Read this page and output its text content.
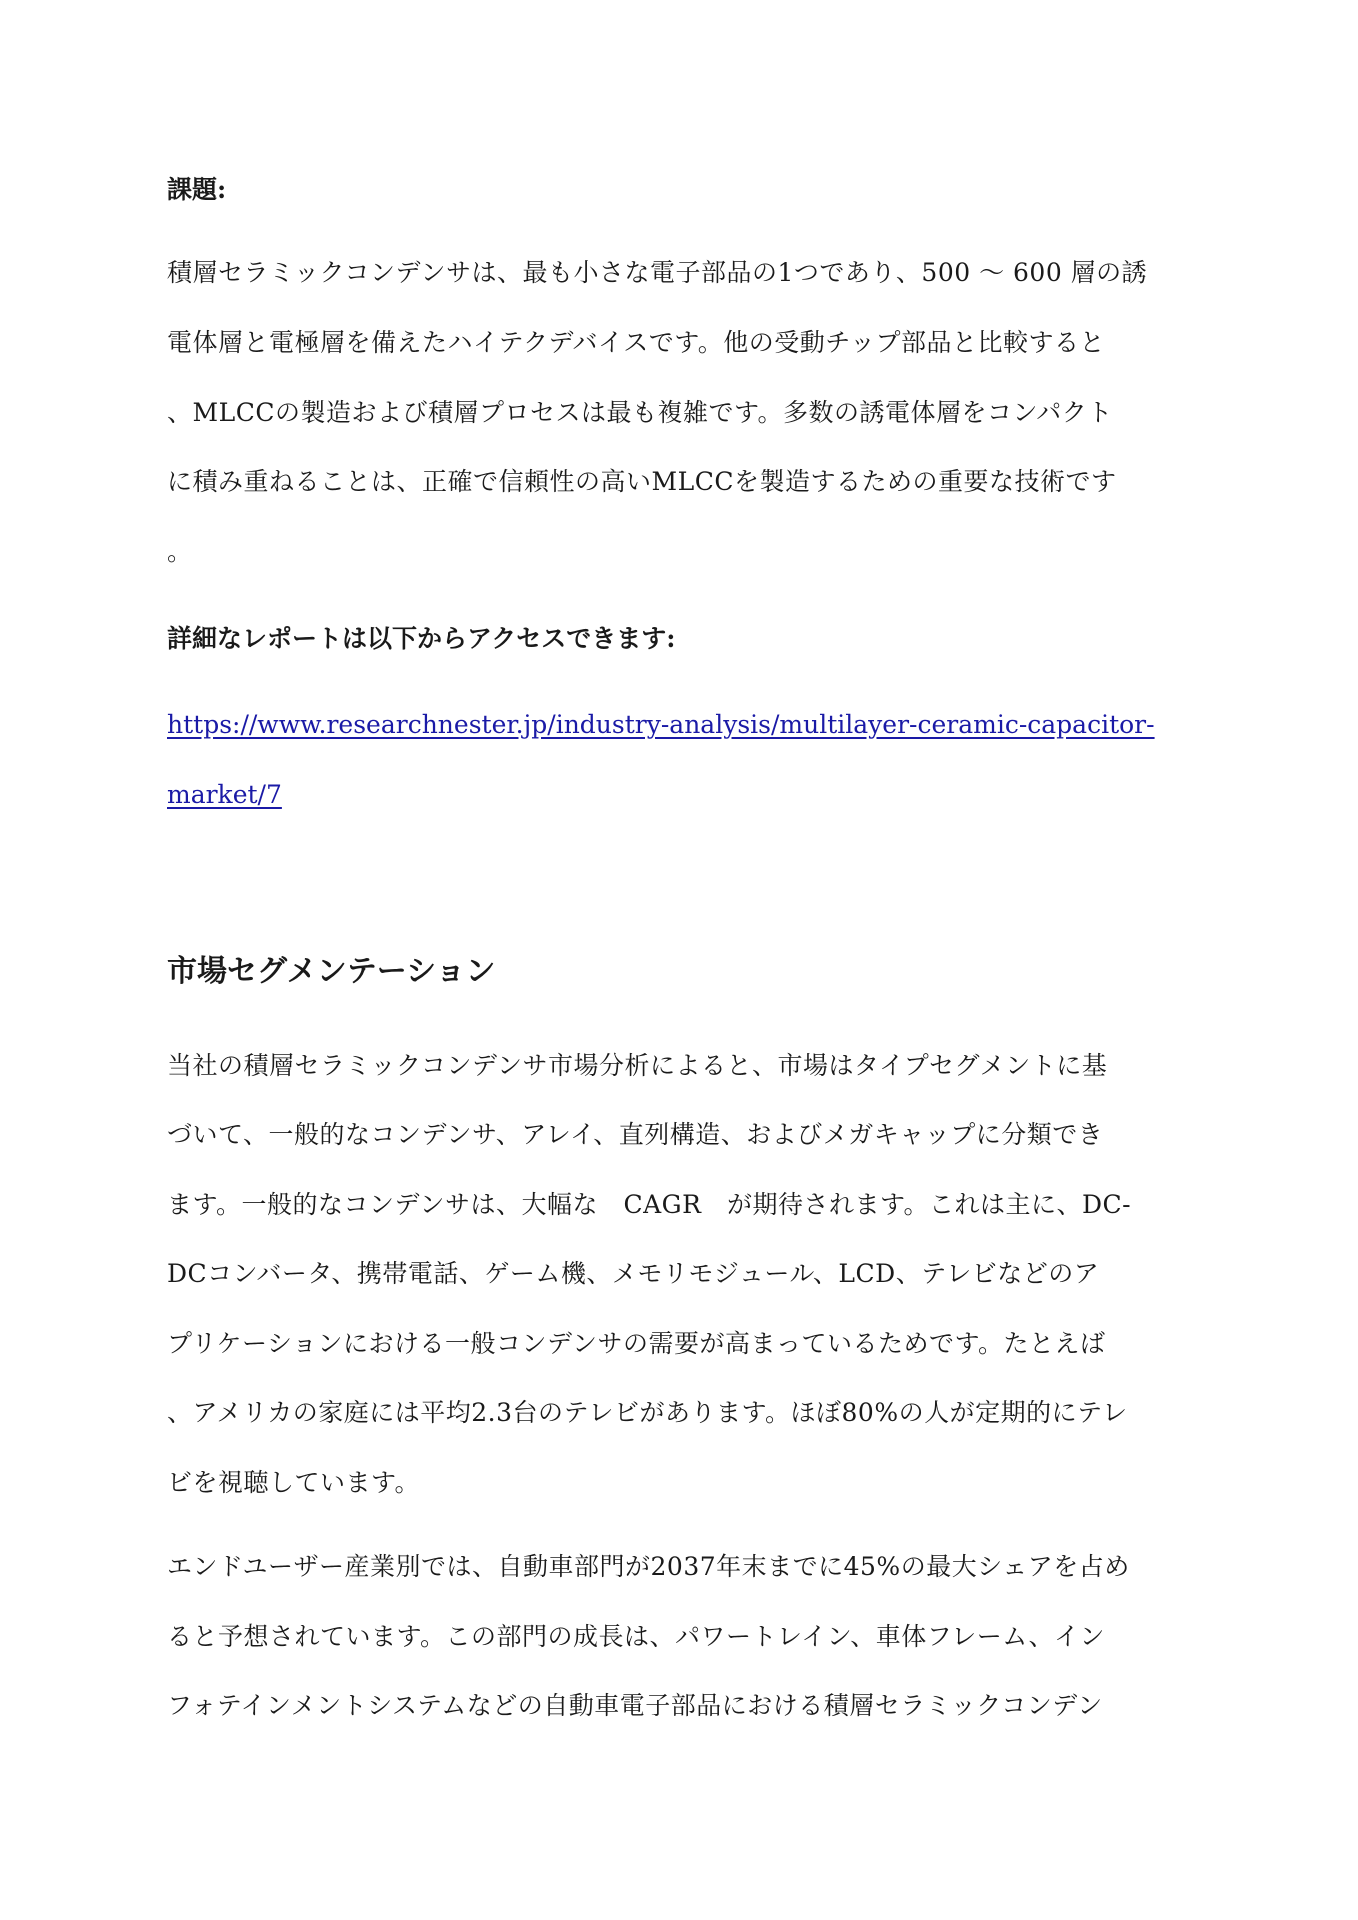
課題:
積層セラミックコンデンサは、最も小さな電子部品の1つであり、500 〜 600 層の誘
電体層と電極層を備えたハイテクデバイスです。他の受動チップ部品と比較すると
、MLCCの製造および積層プロセスは最も複雑です。多数の誘電体層をコンパクト
に積み重ねることは、正確で信頼性の高いMLCCを製造するための重要な技術です
。
詳細なレポートは以下からアクセスできます:
https://www.researchnester.jp/industry-analysis/multilayer-ceramic-capacitor-
market/7
市場セグメンテーション
当社の積層セラミックコンデンサ市場分析によると、市場はタイプセグメントに基
づいて、一般的なコンデンサ、アレイ、直列構造、およびメガキャップに分類でき
ます。一般的なコンデンサは、大幅な　CAGR　が期待されます。これは主に、DC-
DCコンバータ、携帯電話、ゲーム機、メモリモジュール、LCD、テレビなどのア
プリケーションにおける一般コンデンサの需要が高まっているためです。たとえば
、アメリカの家庭には平均2.3台のテレビがあります。ほぼ80%の人が定期的にテレ
ビを視聴しています。
エンドユーザー産業別では、自動車部門が2037年末までに45%の最大シェアを占め
ると予想されています。この部門の成長は、パワートレイン、車体フレーム、イン
フォテインメントシステムなどの自動車電子部品における積層セラミックコンデン
